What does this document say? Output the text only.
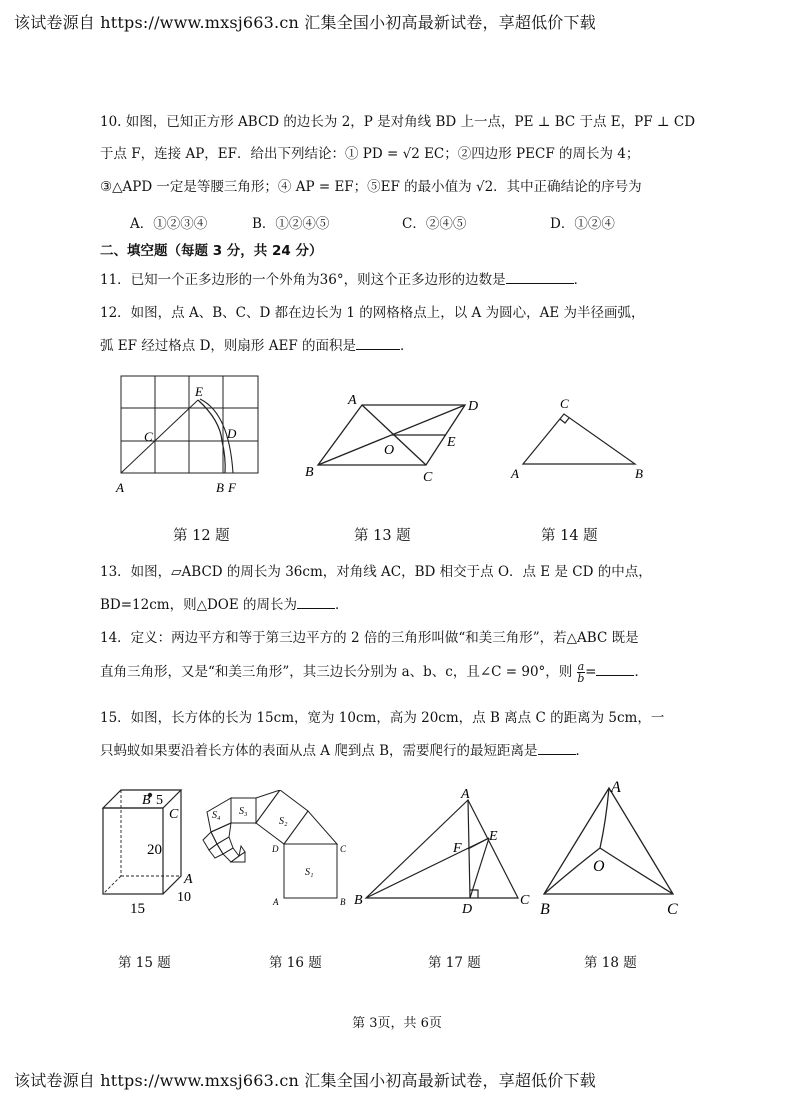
该试卷源自 https://www.mxsj663.cn 汇集全国小初高最新试卷，享超低价下载
10. 如图，已知正方形 ABCD 的边长为 2，P 是对角线 BD 上一点，PE ⊥ BC 于点 E，PF ⊥ CD
于点 F，连接 AP，EF．给出下列结论：① PD = √2 EC；②四边形 PECF 的周长为 4；
③△APD 一定是等腰三角形；④ AP = EF；⑤EF 的最小值为 √2．其中正确结论的序号为
A．①②③④	B．①②④⑤	C．②④⑤	D．①②④
二、填空题（每题 3 分，共 24 分）
11．已知一个正多边形的一个外角为36°，则这个正多边形的边数是	．
12．如图，点 A、B、C、D 都在边长为 1 的网格格点上，以 A 为圆心，AE 为半径画弧，
弧 EF 经过格点 D，则扇形 AEF 的面积是	．
E
C	D
A	B F
A	D
O
E
B	C
C
A	B
第 12 题	第 13 题	第 14 题
13．如图，▱ABCD 的周长为 36cm，对角线 AC，BD 相交于点 O．点 E 是 CD 的中点，
BD=12cm，则△DOE 的周长为	．
14．定义：两边平方和等于第三边平方的 2 倍的三角形叫做“和美三角形”，若△ABC 既是
直角三角形，又是“和美三角形”，其三边长分别为 a、b、c，且∠C = 90°，则 $\frac{a}{b}$ =	．
15．如图，长方体的长为 15cm，宽为 10cm，高为 20cm，点 B 离点 C 的距离为 5cm，一
只蚂蚁如果要沿着长方体的表面从点 A 爬到点 B，需要爬行的最短距离是	．
B 5
C
20
A
15
10
S₃
S₂
S₄
S₁
D	C
A	B
A
F
E
B
D
C
A
O
B	C
第 15 题	第 16 题	第 17 题	第 18 题
第 3页，共 6页
该试卷源自 https://www.mxsj663.cn 汇集全国小初高最新试卷，享超低价下载
